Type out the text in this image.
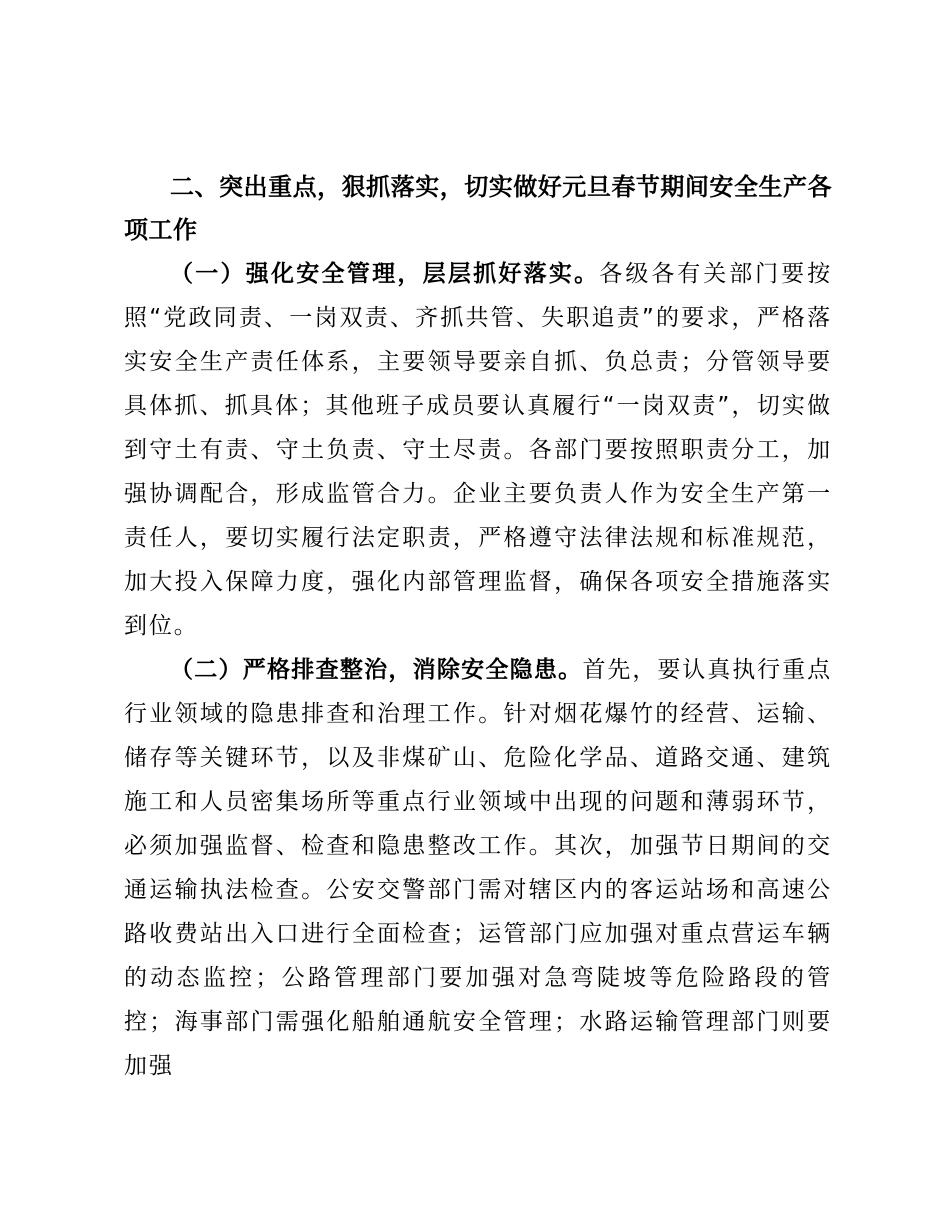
二、突出重点，狠抓落实，切实做好元旦春节期间安全生产各项工作

（一）强化安全管理，层层抓好落实。各级各有关部门要按照“党政同责、一岗双责、齐抓共管、失职追责”的要求，严格落实安全生产责任体系，主要领导要亲自抓、负总责；分管领导要具体抓、抓具体；其他班子成员要认真履行“一岗双责”，切实做到守土有责、守土负责、守土尽责。各部门要按照职责分工，加强协调配合，形成监管合力。企业主要负责人作为安全生产第一责任人，要切实履行法定职责，严格遵守法律法规和标准规范，加大投入保障力度，强化内部管理监督，确保各项安全措施落实到位。

（二）严格排查整治，消除安全隐患。首先，要认真执行重点行业领域的隐患排查和治理工作。针对烟花爆竹的经营、运输、储存等关键环节，以及非煤矿山、危险化学品、道路交通、建筑施工和人员密集场所等重点行业领域中出现的问题和薄弱环节，必须加强监督、检查和隐患整改工作。其次，加强节日期间的交通运输执法检查。公安交警部门需对辖区内的客运站场和高速公路收费站出入口进行全面检查；运管部门应加强对重点营运车辆的动态监控；公路管理部门要加强对急弯陡坡等危险路段的管控；海事部门需强化船舶通航安全管理；水路运输管理部门则要加强
